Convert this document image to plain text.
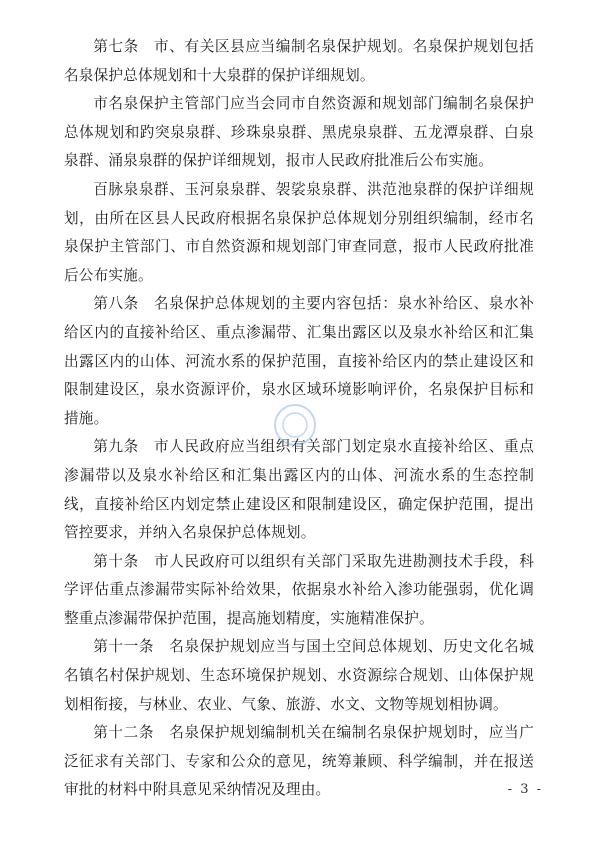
第七条　市、有关区县应当编制名泉保护规划。名泉保护规划包括名泉保护总体规划和十大泉群的保护详细规划。

市名泉保护主管部门应当会同市自然资源和规划部门编制名泉保护总体规划和趵突泉泉群、珍珠泉泉群、黑虎泉泉群、五龙潭泉群、白泉泉群、涌泉泉群的保护详细规划，报市人民政府批准后公布实施。

百脉泉泉群、玉河泉泉群、袈裟泉泉群、洪范池泉群的保护详细规划，由所在区县人民政府根据名泉保护总体规划分别组织编制，经市名泉保护主管部门、市自然资源和规划部门审查同意，报市人民政府批准后公布实施。

第八条　名泉保护总体规划的主要内容包括：泉水补给区、泉水补给区内的直接补给区、重点渗漏带、汇集出露区以及泉水补给区和汇集出露区内的山体、河流水系的保护范围，直接补给区内的禁止建设区和限制建设区，泉水资源评价，泉水区域环境影响评价，名泉保护目标和措施。

第九条　市人民政府应当组织有关部门划定泉水直接补给区、重点渗漏带以及泉水补给区和汇集出露区内的山体、河流水系的生态控制线，直接补给区内划定禁止建设区和限制建设区，确定保护范围，提出管控要求，并纳入名泉保护总体规划。

第十条　市人民政府可以组织有关部门采取先进勘测技术手段，科学评估重点渗漏带实际补给效果，依据泉水补给入渗功能强弱，优化调整重点渗漏带保护范围，提高施划精度，实施精准保护。

第十一条　名泉保护规划应当与国土空间总体规划、历史文化名城名镇名村保护规划、生态环境保护规划、水资源综合规划、山体保护规划相衔接，与林业、农业、气象、旅游、水文、文物等规划相协调。

第十二条　名泉保护规划编制机关在编制名泉保护规划时，应当广泛征求有关部门、专家和公众的意见，统筹兼顾、科学编制，并在报送审批的材料中附具意见采纳情况及理由。	- 3 -
